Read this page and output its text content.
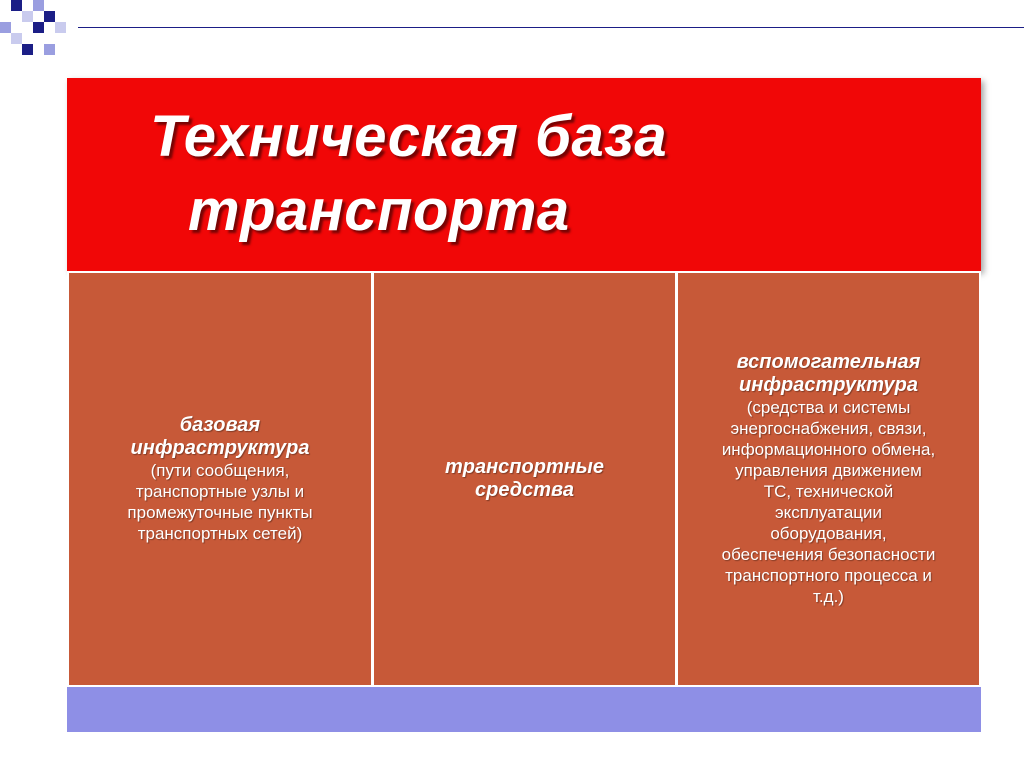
Техническая база
транспорта
базовая
инфраструктура
(пути сообщения,
транспортные узлы и
промежуточные пункты
транспортных сетей)
транспортные
средства
вспомогательная
инфраструктура
(средства и системы
энергоснабжения, связи,
информационного обмена,
управления движением
ТС, технической
эксплуатации
оборудования,
обеспечения безопасности
транспортного процесса и
т.д.)
